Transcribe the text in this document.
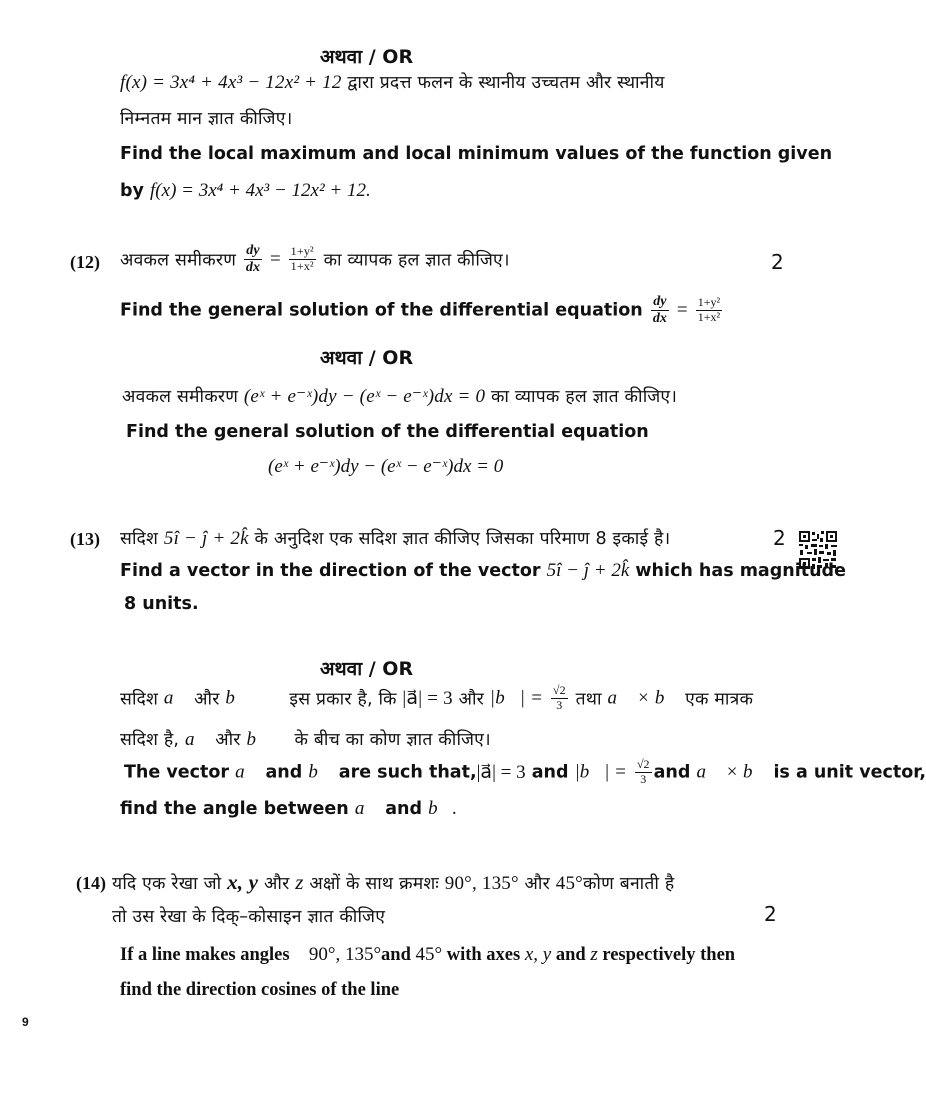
अथवा / OR
f(x) = 3x⁴ + 4x³ − 12x² + 12 द्वारा प्रदत्त फलन के स्थानीय उच्चतम और स्थानीय
निम्नतम मान ज्ञात कीजिए।
Find the local maximum and local minimum values of the function given
by f(x) = 3x⁴ + 4x³ − 12x² + 12.
(12) अवकल समीकरण $\frac{dy}{dx} = \frac{\text{1+y²}}{\text{1+x²}}$ का व्यापक हल ज्ञात कीजिए।	2
Find the general solution of the differential equation $\frac{dy}{dx} = \frac{\text{1+y²}}{\text{1+x²}}$
अथवा / OR
अवकल समीकरण (eˣ + e⁻ˣ)dy − (eˣ − e⁻ˣ)dx = 0 का व्यापक हल ज्ञात कीजिए।
Find the general solution of the differential equation
(eˣ + e⁻ˣ)dy − (eˣ − e⁻ˣ)dx = 0
(13) सदिश 5î − ĵ + 2k̂ के अनुदिश एक सदिश ज्ञात कीजिए जिसका परिमाण 8 इकाई है।	2
Find a vector in the direction of the vector 5î − ĵ + 2k̂ which has magnitude
8 units.
अथवा / OR
सदिश a⃗ और b⃗ इस प्रकार है, कि |a⃗| = 3 और |b⃗| = $\frac{√2}{3}$ तथा a⃗ × b⃗ एक मात्रक
सदिश है, a⃗ और b⃗ के बीच का कोण ज्ञात कीजिए।
The vector a⃗ and b⃗ are such that,|a⃗| = 3 and |b⃗| = $\frac{√2}{3}$ and a⃗ × b⃗ is a unit vector,
find the angle between a⃗ and b⃗.
(14) यदि एक रेखा जो x, y और z अक्षों के साथ क्रमशः 90°, 135° और 45°कोण बनाती है
तो उस रेखा के दिक्–कोसाइन ज्ञात कीजिए	2
If a line makes angles 90°, 135°and 45° with axes x, y and z respectively then
find the direction cosines of the line
9
